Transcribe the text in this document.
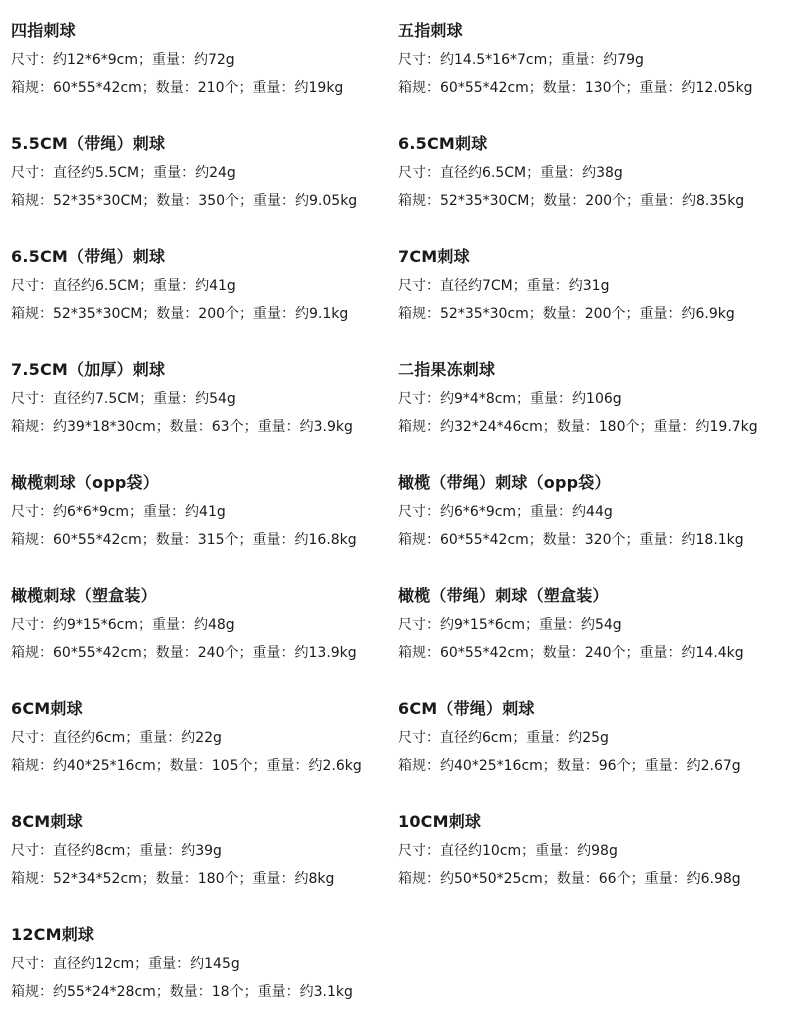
四指刺球
尺寸：约12*6*9cm；重量：约72g
箱规：60*55*42cm；数量：210个；重量：约19kg
五指刺球
尺寸：约14.5*16*7cm；重量：约79g
箱规：60*55*42cm；数量：130个；重量：约12.05kg
5.5CM（带绳）刺球
尺寸：直径约5.5CM；重量：约24g
箱规：52*35*30CM；数量：350个；重量：约9.05kg
6.5CM刺球
尺寸：直径约6.5CM；重量：约38g
箱规：52*35*30CM；数量：200个；重量：约8.35kg
6.5CM（带绳）刺球
尺寸：直径约6.5CM；重量：约41g
箱规：52*35*30CM；数量：200个；重量：约9.1kg
7CM刺球
尺寸：直径约7CM；重量：约31g
箱规：52*35*30cm；数量：200个；重量：约6.9kg
7.5CM（加厚）刺球
尺寸：直径约7.5CM；重量：约54g
箱规：约39*18*30cm；数量：63个；重量：约3.9kg
二指果冻刺球
尺寸：约9*4*8cm；重量：约106g
箱规：约32*24*46cm；数量：180个；重量：约19.7kg
橄榄刺球（opp袋）
尺寸：约6*6*9cm；重量：约41g
箱规：60*55*42cm；数量：315个；重量：约16.8kg
橄榄（带绳）刺球（opp袋）
尺寸：约6*6*9cm；重量：约44g
箱规：60*55*42cm；数量：320个；重量：约18.1kg
橄榄刺球（塑盒装）
尺寸：约9*15*6cm；重量：约48g
箱规：60*55*42cm；数量：240个；重量：约13.9kg
橄榄（带绳）刺球（塑盒装）
尺寸：约9*15*6cm；重量：约54g
箱规：60*55*42cm；数量：240个；重量：约14.4kg
6CM刺球
尺寸：直径约6cm；重量：约22g
箱规：约40*25*16cm；数量：105个；重量：约2.6kg
6CM（带绳）刺球
尺寸：直径约6cm；重量：约25g
箱规：约40*25*16cm；数量：96个；重量：约2.67g
8CM刺球
尺寸：直径约8cm；重量：约39g
箱规：52*34*52cm；数量：180个；重量：约8kg
10CM刺球
尺寸：直径约10cm；重量：约98g
箱规：约50*50*25cm；数量：66个；重量：约6.98g
12CM刺球
尺寸：直径约12cm；重量：约145g
箱规：约55*24*28cm；数量：18个；重量：约3.1kg
